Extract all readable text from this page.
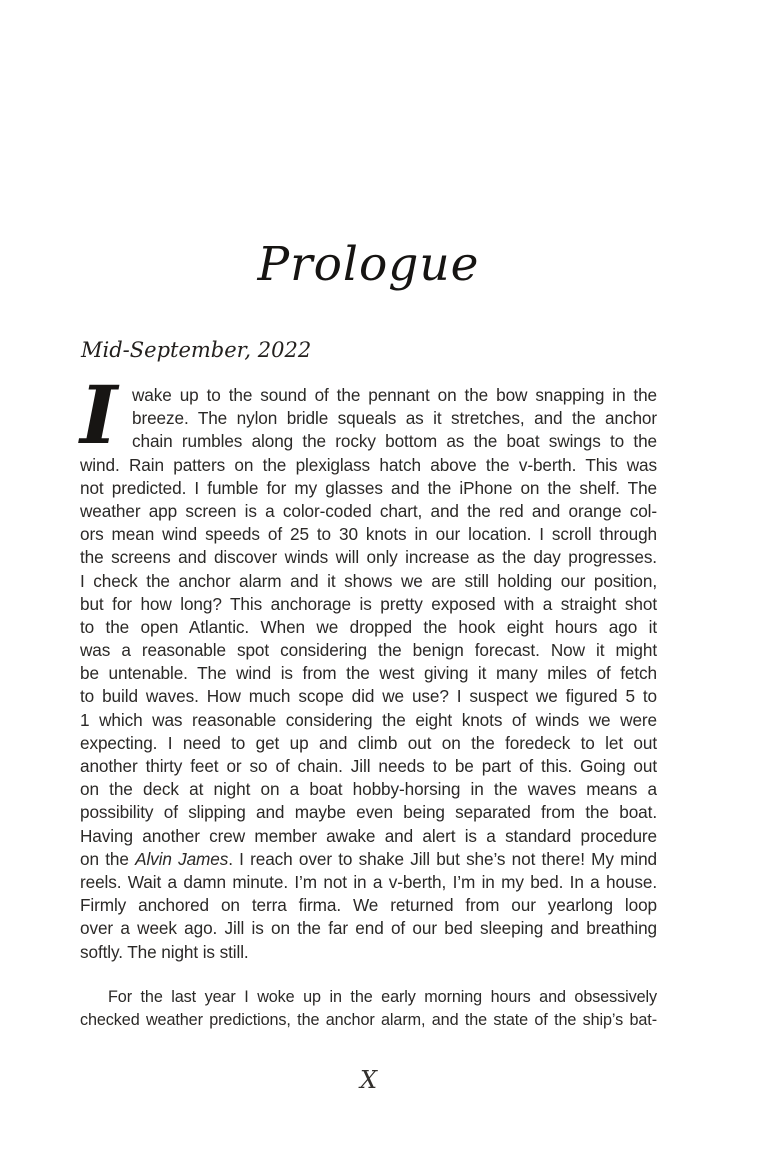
Prologue
Mid-September, 2022
I wake up to the sound of the pennant on the bow snapping in the
breeze. The nylon bridle squeals as it stretches, and the anchor
chain rumbles along the rocky bottom as the boat swings to the
wind. Rain patters on the plexiglass hatch above the v-berth. This was
not predicted. I fumble for my glasses and the iPhone on the shelf. The
weather app screen is a color-coded chart, and the red and orange col-
ors mean wind speeds of 25 to 30 knots in our location. I scroll through
the screens and discover winds will only increase as the day progresses.
I check the anchor alarm and it shows we are still holding our position,
but for how long? This anchorage is pretty exposed with a straight shot
to the open Atlantic. When we dropped the hook eight hours ago it
was a reasonable spot considering the benign forecast. Now it might
be untenable. The wind is from the west giving it many miles of fetch
to build waves. How much scope did we use? I suspect we figured 5 to
1 which was reasonable considering the eight knots of winds we were
expecting. I need to get up and climb out on the foredeck to let out
another thirty feet or so of chain. Jill needs to be part of this. Going out
on the deck at night on a boat hobby-horsing in the waves means a
possibility of slipping and maybe even being separated from the boat.
Having another crew member awake and alert is a standard procedure
on the Alvin James. I reach over to shake Jill but she’s not there! My mind
reels. Wait a damn minute. I’m not in a v-berth, I’m in my bed. In a house.
Firmly anchored on terra firma. We returned from our yearlong loop
over a week ago. Jill is on the far end of our bed sleeping and breathing
softly. The night is still.
For the last year I woke up in the early morning hours and obsessively
checked weather predictions, the anchor alarm, and the state of the ship’s bat-
X
